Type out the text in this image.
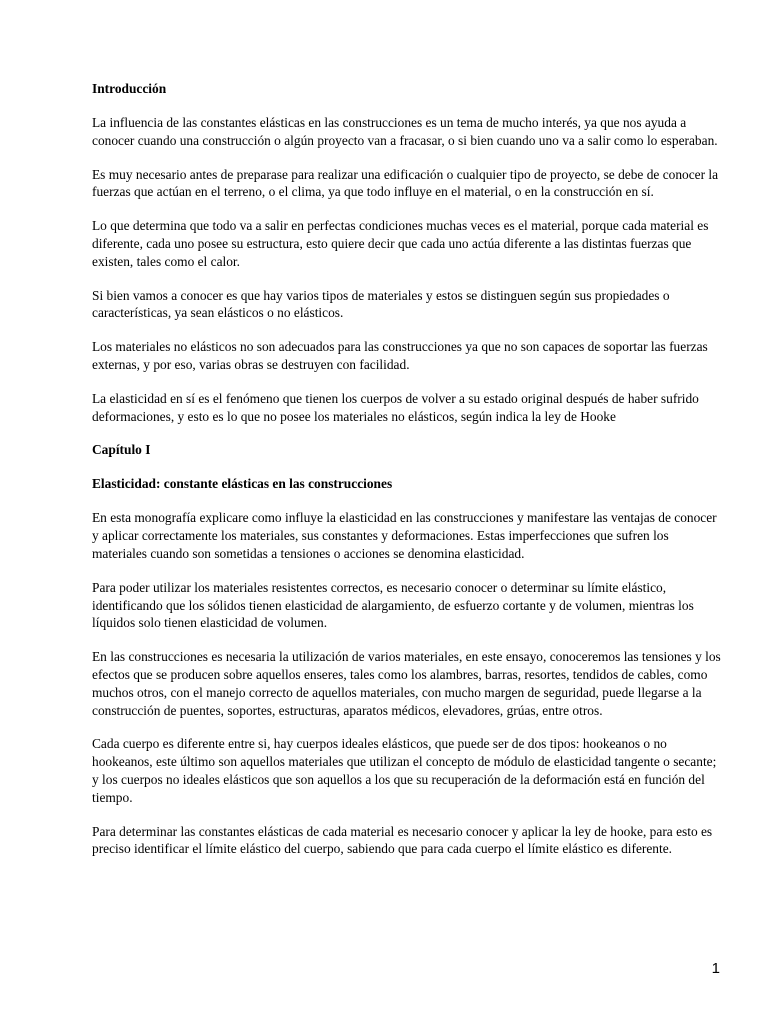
Introducción

La influencia de las constantes elásticas en las construcciones es un tema de mucho interés, ya que nos ayuda a conocer cuando una construcción o algún proyecto van a fracasar, o si bien cuando uno va a salir como lo esperaban.

Es muy necesario antes de preparase para realizar una edificación o cualquier tipo de proyecto, se debe de conocer la fuerzas que actúan en el terreno, o el clima, ya que todo influye en el material, o en la construcción en sí.

Lo que determina que todo va a salir en perfectas condiciones muchas veces es el material, porque cada material es diferente, cada uno posee su estructura, esto quiere decir que cada uno actúa diferente a las distintas fuerzas que existen, tales como el calor.

Si bien vamos a conocer es que hay varios tipos de materiales y estos se distinguen según sus propiedades o características, ya sean elásticos o no elásticos.

Los materiales no elásticos no son adecuados para las construcciones ya que no son capaces de soportar las fuerzas externas, y por eso, varias obras se destruyen con facilidad.

La elasticidad en sí es el fenómeno que tienen los cuerpos de volver a su estado original después de haber sufrido deformaciones, y esto es lo que no posee los materiales no elásticos, según indica la ley de Hooke

Capítulo I
Elasticidad: constante elásticas en las construcciones

En esta monografía explicare como influye la elasticidad en las construcciones y manifestare las ventajas de conocer y aplicar correctamente los materiales, sus constantes y deformaciones. Estas imperfecciones que sufren los materiales cuando son sometidas a tensiones o acciones se denomina elasticidad.

Para poder utilizar los materiales resistentes correctos, es necesario conocer o determinar su límite elástico, identificando que los sólidos tienen elasticidad de alargamiento, de esfuerzo cortante y de volumen, mientras los líquidos solo tienen elasticidad de volumen.

En las construcciones es necesaria la utilización de varios materiales, en este ensayo, conoceremos las tensiones y los efectos que se producen sobre aquellos enseres, tales como los alambres, barras, resortes, tendidos de cables, como muchos otros, con el manejo correcto de aquellos materiales, con mucho margen de seguridad, puede llegarse a la construcción de puentes, soportes, estructuras, aparatos médicos, elevadores, grúas, entre otros.

Cada cuerpo es diferente entre si, hay cuerpos ideales elásticos, que puede ser de dos tipos: hookeanos o no hookeanos, este último son aquellos materiales que utilizan el concepto de módulo de elasticidad tangente o secante; y los cuerpos no ideales elásticos que son aquellos a los que su recuperación de la deformación está en función del tiempo.

Para determinar las constantes elásticas de cada material es necesario conocer y aplicar la ley de hooke, para esto es preciso identificar el límite elástico del cuerpo, sabiendo que para cada cuerpo el límite elástico es diferente.

1
